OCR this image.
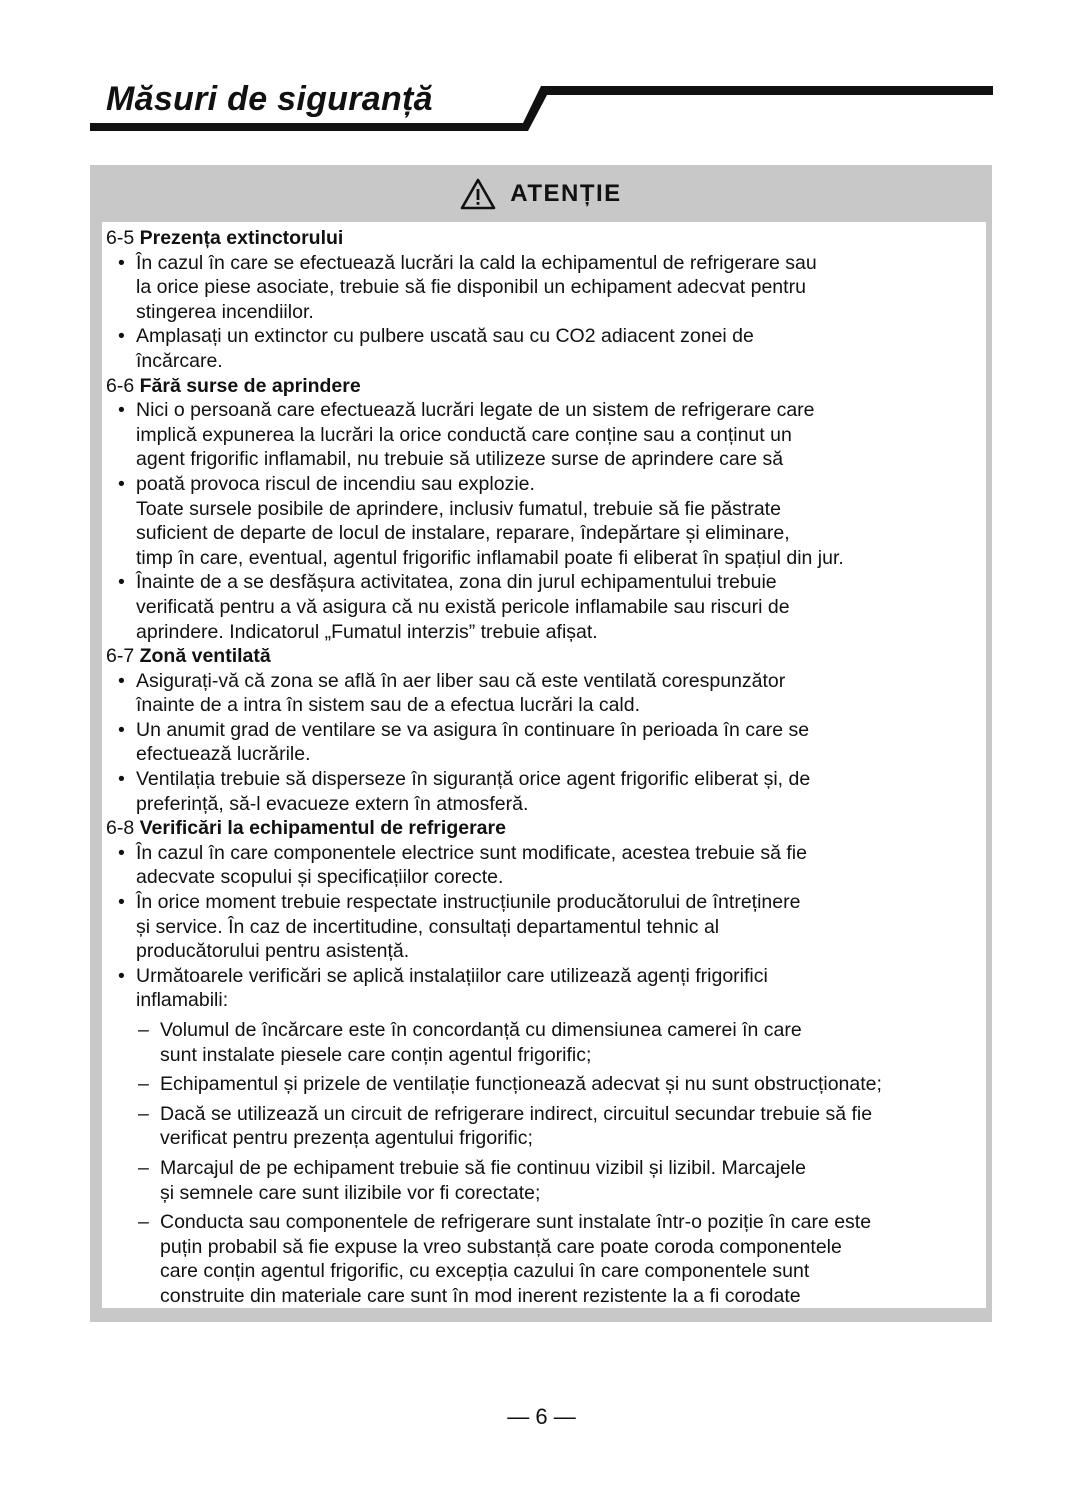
Măsuri de siguranță
ATENȚIE

6-5 Prezența extinctorului

• În cazul în care se efectuează lucrări la cald la echipamentul de refrigerare sau
la orice piese asociate, trebuie să fie disponibil un echipament adecvat pentru
stingerea incendiilor.
• Amplasați un extinctor cu pulbere uscată sau cu CO2 adiacent zonei de
încărcare.

6-6 Fără surse de aprindere

• Nici o persoană care efectuează lucrări legate de un sistem de refrigerare care
implică expunerea la lucrări la orice conductă care conține sau a conținut un
agent frigorific inflamabil, nu trebuie să utilizeze surse de aprindere care să
• poată provoca riscul de incendiu sau explozie.
Toate sursele posibile de aprindere, inclusiv fumatul, trebuie să fie păstrate
suficient de departe de locul de instalare, reparare, îndepărtare și eliminare,
timp în care, eventual, agentul frigorific inflamabil poate fi eliberat în spațiul din jur.
• Înainte de a se desfășura activitatea, zona din jurul echipamentului trebuie
verificată pentru a vă asigura că nu există pericole inflamabile sau riscuri de
aprindere. Indicatorul „Fumatul interzis” trebuie afișat.

6-7 Zonă ventilată

• Asigurați-vă că zona se află în aer liber sau că este ventilată corespunzător
înainte de a intra în sistem sau de a efectua lucrări la cald.
• Un anumit grad de ventilare se va asigura în continuare în perioada în care se
efectuează lucrările.
• Ventilația trebuie să disperseze în siguranță orice agent frigorific eliberat și, de
preferință, să-l evacueze extern în atmosferă.

6-8 Verificări la echipamentul de refrigerare

• În cazul în care componentele electrice sunt modificate, acestea trebuie să fie
adecvate scopului și specificațiilor corecte.
• În orice moment trebuie respectate instrucțiunile producătorului de întreținere
și service. În caz de incertitudine, consultați departamentul tehnic al
producătorului pentru asistență.
• Următoarele verificări se aplică instalațiilor care utilizează agenți frigorifici
inflamabili:
– Volumul de încărcare este în concordanță cu dimensiunea camerei în care
sunt instalate piesele care conțin agentul frigorific;
– Echipamentul și prizele de ventilație funcționează adecvat și nu sunt obstrucționate;
– Dacă se utilizează un circuit de refrigerare indirect, circuitul secundar trebuie să fie
verificat pentru prezența agentului frigorific;
– Marcajul de pe echipament trebuie să fie continuu vizibil și lizibil. Marcajele
și semnele care sunt ilizibile vor fi corectate;
– Conducta sau componentele de refrigerare sunt instalate într-o poziție în care este
puțin probabil să fie expuse la vreo substanță care poate coroda componentele
care conțin agentul frigorific, cu excepția cazului în care componentele sunt
construite din materiale care sunt în mod inerent rezistente la a fi corodate
— 6 —
